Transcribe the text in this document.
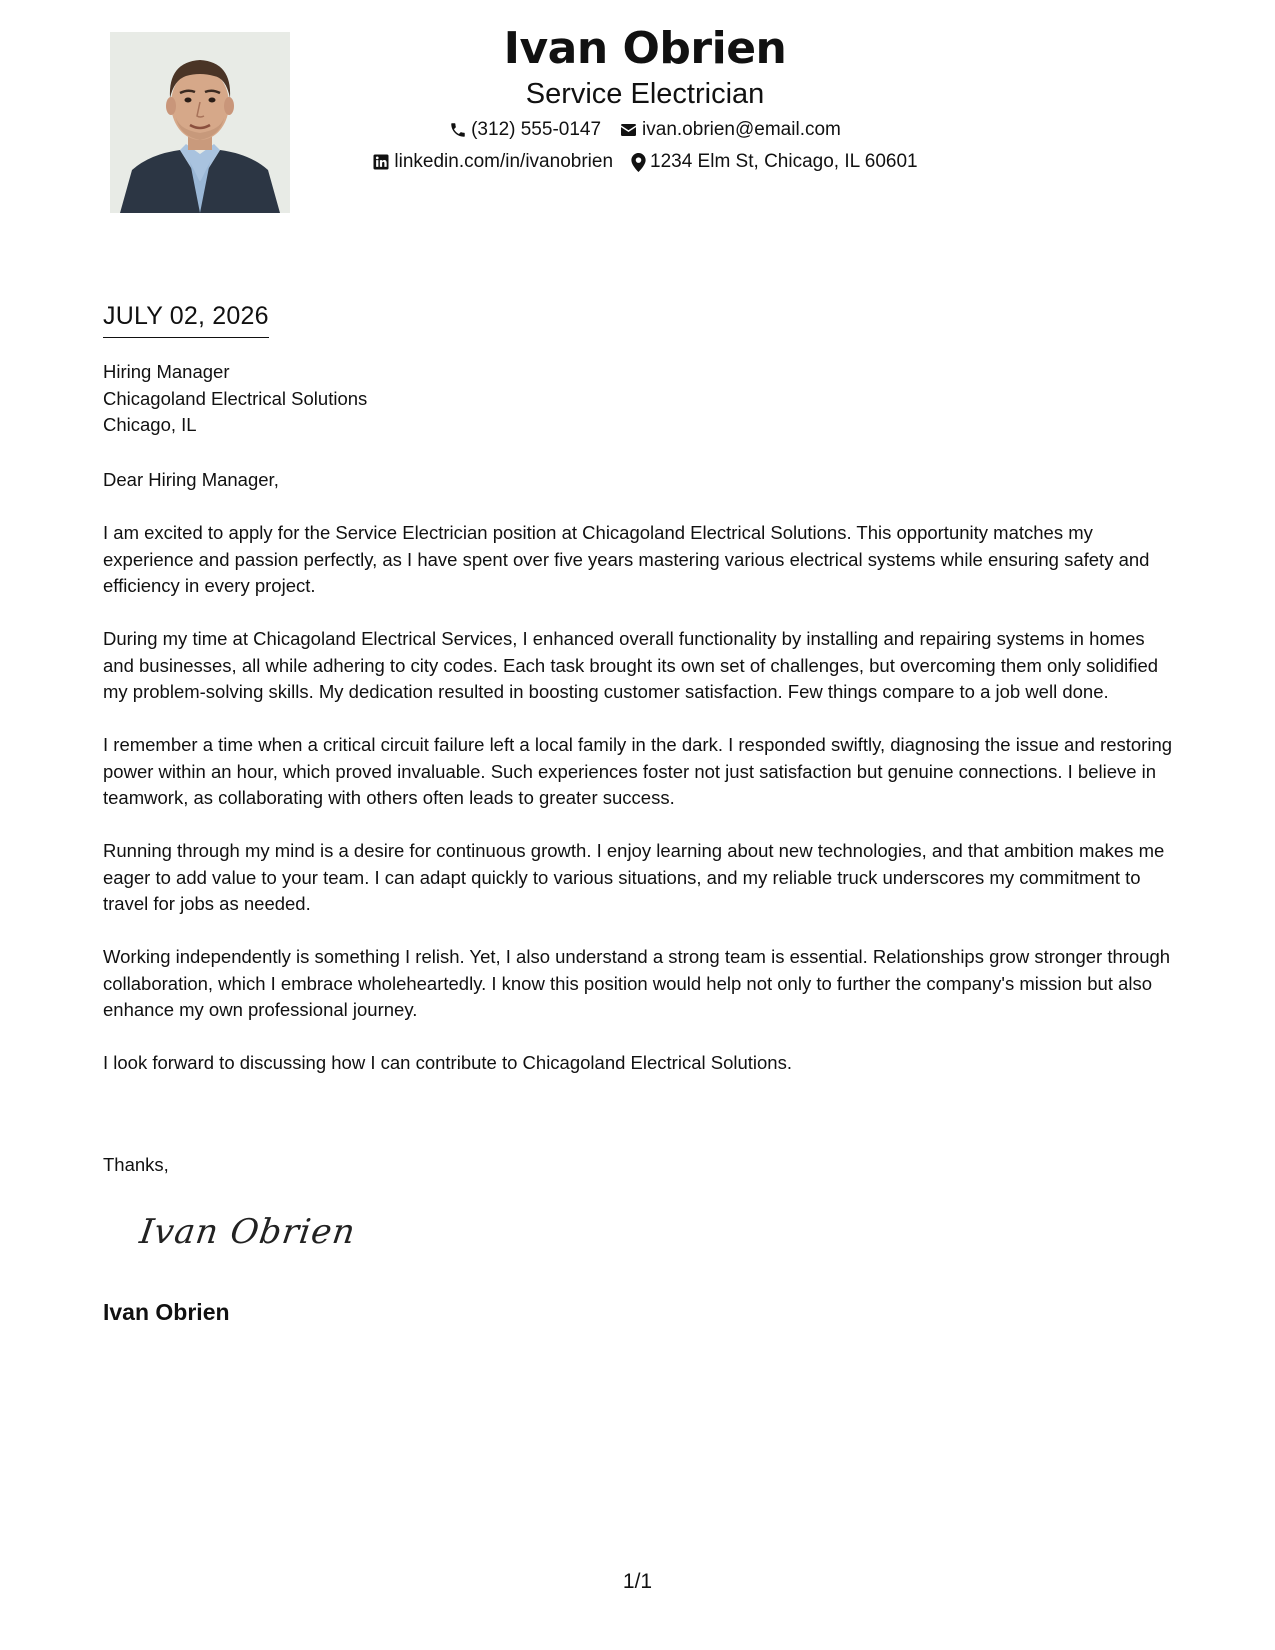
Ivan Obrien
Service Electrician
(312) 555-0147 ivan.obrien@email.com
linkedin.com/in/ivanobrien 1234 Elm St, Chicago, IL 60601
JULY 02, 2026
Hiring Manager
Chicagoland Electrical Solutions
Chicago, IL
Dear Hiring Manager,

I am excited to apply for the Service Electrician position at Chicagoland Electrical Solutions. This opportunity matches my experience and passion perfectly, as I have spent over five years mastering various electrical systems while ensuring safety and efficiency in every project.

During my time at Chicagoland Electrical Services, I enhanced overall functionality by installing and repairing systems in homes and businesses, all while adhering to city codes. Each task brought its own set of challenges, but overcoming them only solidified my problem-solving skills. My dedication resulted in boosting customer satisfaction. Few things compare to a job well done.

I remember a time when a critical circuit failure left a local family in the dark. I responded swiftly, diagnosing the issue and restoring power within an hour, which proved invaluable. Such experiences foster not just satisfaction but genuine connections. I believe in teamwork, as collaborating with others often leads to greater success.

Running through my mind is a desire for continuous growth. I enjoy learning about new technologies, and that ambition makes me eager to add value to your team. I can adapt quickly to various situations, and my reliable truck underscores my commitment to travel for jobs as needed.

Working independently is something I relish. Yet, I also understand a strong team is essential. Relationships grow stronger through collaboration, which I embrace wholeheartedly. I know this position would help not only to further the company's mission but also enhance my own professional journey.

I look forward to discussing how I can contribute to Chicagoland Electrical Solutions.

Thanks,
Ivan Obrien
Ivan Obrien
1/1
